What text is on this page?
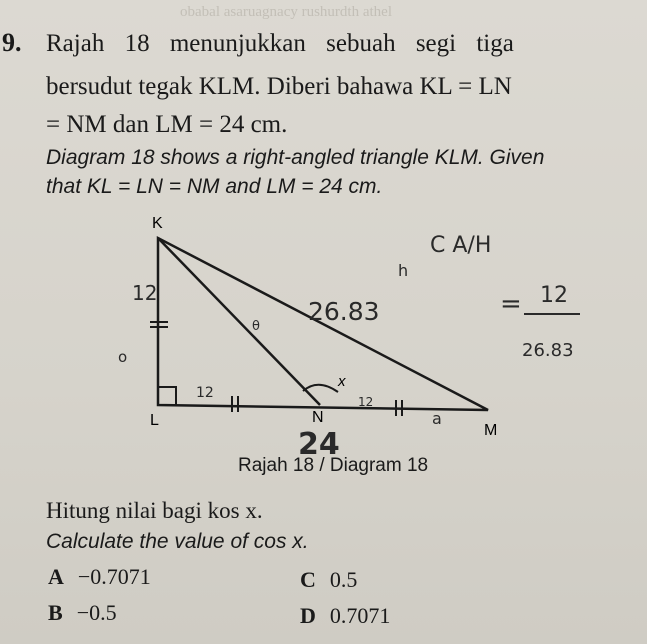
obabal asaruagnacy rushurdth athel
9. Rajah 18 menunjukkan sebuah segi tiga
bersudut tegak KLM. Diberi bahawa KL = LN
= NM dan LM = 24 cm.
Diagram 18 shows a right-angled triangle KLM. Given
that KL = LN = NM and LM = 24 cm.
K
L	N
M
x
12
12
12
26.83
24
h
a
o
θ
C A/H
= 12
26.83
Rajah 18 / Diagram 18
Hitung nilai bagi kos x.
Calculate the value of cos x.
A −0.7071
B −0.5
C 0.5
D 0.7071
